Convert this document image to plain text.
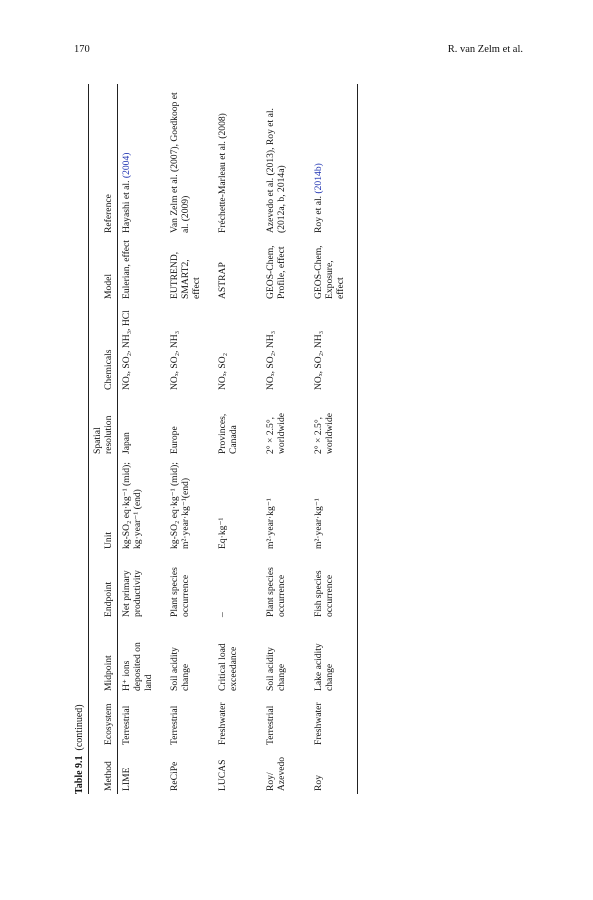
170	R. van Zelm et al.
Table 9.1  (continued)
Method	Ecosystem	Midpoint	Endpoint	Unit	Spatial resolution	Chemicals	Model	Reference
LIME	Terrestrial	H⁺ ions deposited on land	Net primary productivity	kg-SO₂ eq·kg⁻¹ (mid); kg·year⁻¹ (end)	Japan	NOₓ, SO₂, NH₃, HCl	Eulerian, effect	Hayashi et al. (2004)
ReCiPe	Terrestrial	Soil acidity change	Plant species occurrence	kg-SO₂ eq·kg⁻¹ (mid); m²·year·kg⁻¹(end)	Europe	NOₓ, SO₂, NH₃	EUTREND, SMART2, effect	Van Zelm et al. (2007), Goedkoop et al. (2009)
LUCAS	Freshwater	Critical load exceedance	–	Eq·kg⁻¹	Provinces, Canada	NOₓ, SO₂	ASTRAP	Fréchette-Marleau et al. (2008)
Roy/ Azevedo	Terrestrial	Soil acidity change	Plant species occurrence	m²·year·kg⁻¹	2° × 2.5°, worldwide	NOₓ, SO₂, NH₃	GEOS-Chem, Profile, effect	Azevedo et al. (2013), Roy et al. (2012a, b, 2014a)
Roy	Freshwater	Lake acidity change	Fish species occurrence	m²·year·kg⁻¹	2° × 2.5°, worldwide	NOₓ, SO₂, NH₃	GEOS-Chem, Exposure, effect	Roy et al. (2014b)
